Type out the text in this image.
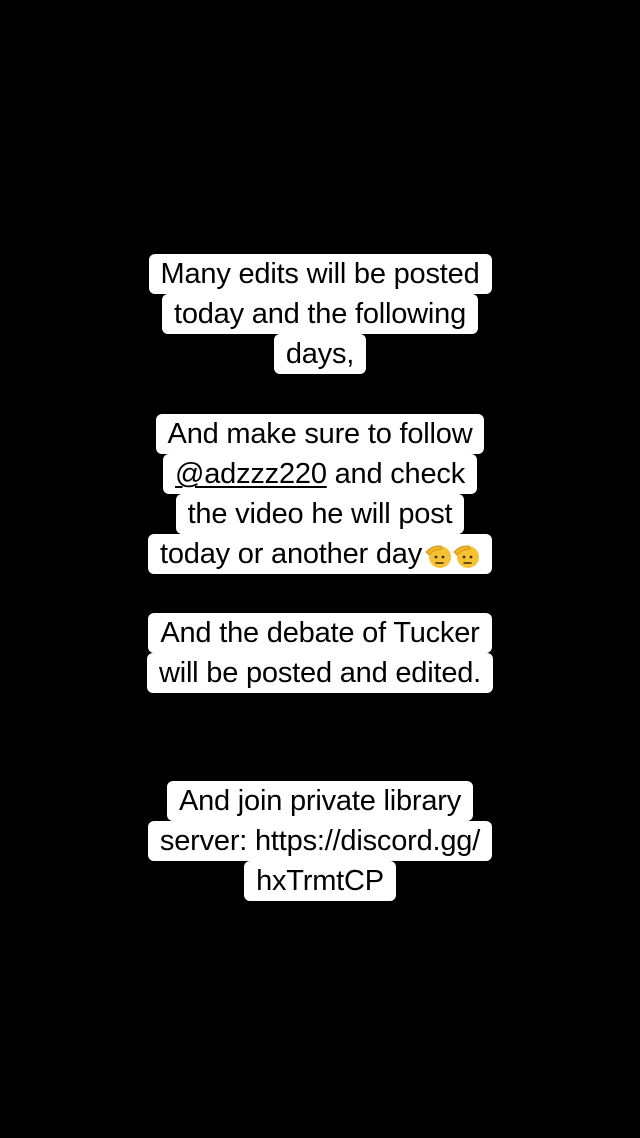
Many edits will be posted
today and the following
days,
And make sure to follow
@adzzz220 and check
the video he will post
today or another day
And the debate of Tucker
will be posted and edited.
And join private library
server: https://discord.gg/
hxTrmtCP
